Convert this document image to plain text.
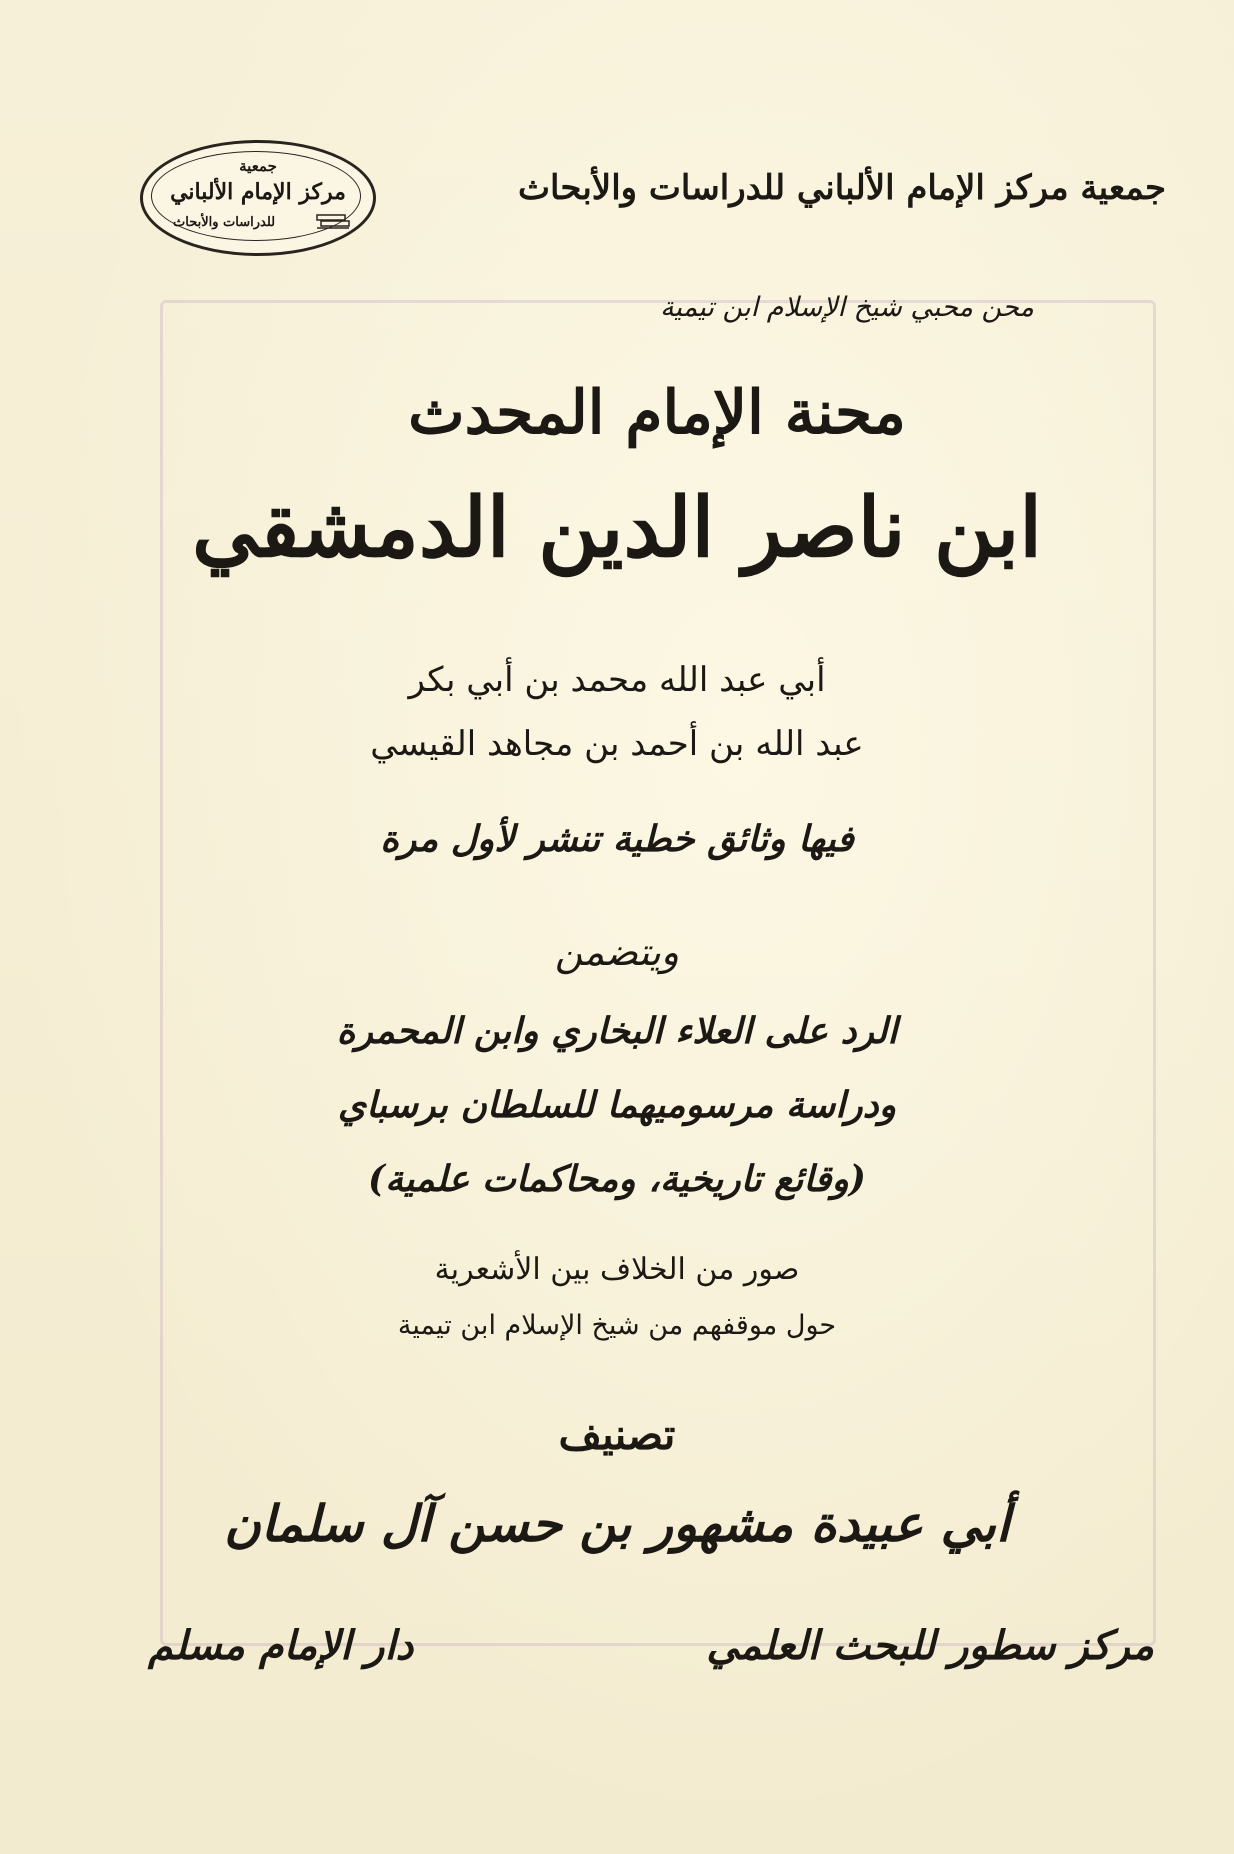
جمعية
مركز الإمام الألباني
للدراسات والأبحاث
جمعية مركز الإمام الألباني للدراسات والأبحاث
محن محبي شيخ الإسلام ابن تيمية
محنة الإمام المحدث
ابن ناصر الدين الدمشقي
أبي عبد الله محمد بن أبي بكر
عبد الله بن أحمد بن مجاهد القيسي
فيها وثائق خطية تنشر لأول مرة
ويتضمن
الرد على العلاء البخاري وابن المحمرة
ودراسة مرسوميهما للسلطان برسباي
(وقائع تاريخية، ومحاكمات علمية)
صور من الخلاف بين الأشعرية
حول موقفهم من شيخ الإسلام ابن تيمية
تصنيف
أبي عبيدة مشهور بن حسن آل سلمان
مركز سطور للبحث العلمي
دار الإمام مسلم
